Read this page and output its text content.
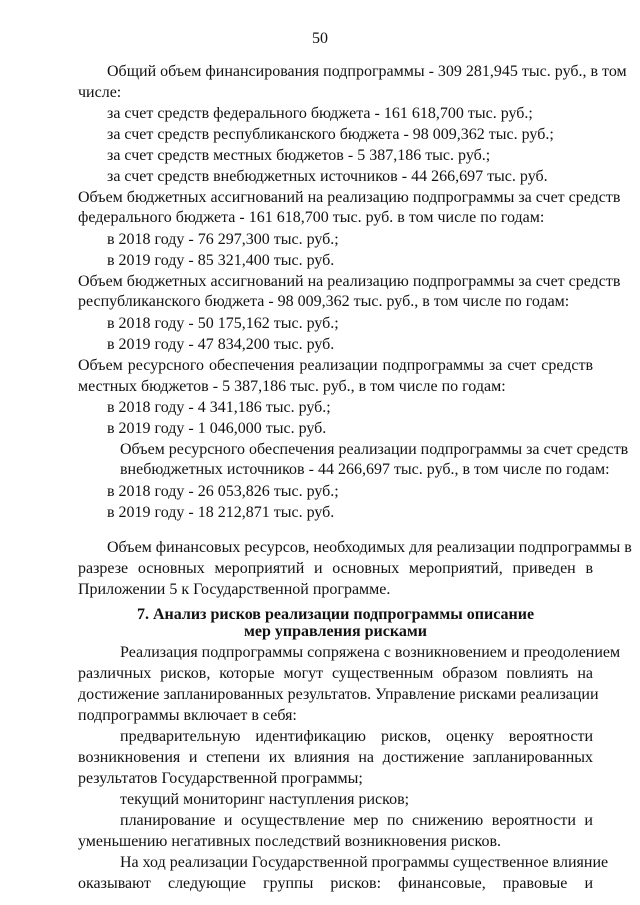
50
Общий объем финансирования подпрограммы - 309 281,945 тыс. руб., в том
числе:
за счет средств федерального бюджета - 161 618,700 тыс. руб.;
за счет средств республиканского бюджета - 98 009,362 тыс. руб.;
за счет средств местных бюджетов - 5 387,186 тыс. руб.;
за счет средств внебюджетных источников - 44 266,697 тыс. руб.
Объем бюджетных ассигнований на реализацию подпрограммы за счет средств
федерального бюджета - 161 618,700 тыс. руб. в том числе по годам:
в 2018 году - 76 297,300 тыс. руб.;
в 2019 году - 85 321,400 тыс. руб.
Объем бюджетных ассигнований на реализацию подпрограммы за счет средств
республиканского бюджета - 98 009,362 тыс. руб., в том числе по годам:
в 2018 году - 50 175,162 тыс. руб.;
в 2019 году - 47 834,200 тыс. руб.
Объем ресурсного обеспечения реализации подпрограммы за счет средств
местных бюджетов - 5 387,186 тыс. руб., в том числе по годам:
в 2018 году - 4 341,186 тыс. руб.;
в 2019 году - 1 046,000 тыс. руб.
Объем ресурсного обеспечения реализации подпрограммы за счет средств
внебюджетных источников - 44 266,697 тыс. руб., в том числе по годам:
в 2018 году - 26 053,826 тыс. руб.;
в 2019 году - 18 212,871 тыс. руб.
Объем финансовых ресурсов, необходимых для реализации подпрограммы в
разрезе основных мероприятий и основных мероприятий, приведен в
Приложении 5 к Государственной программе.
7. Анализ рисков реализации подпрограммы описание
мер управления рисками
Реализация подпрограммы сопряжена с возникновением и преодолением
различных рисков, которые могут существенным образом повлиять на
достижение запланированных результатов. Управление рисками реализации
подпрограммы включает в себя:
предварительную идентификацию рисков, оценку вероятности
возникновения и степени их влияния на достижение запланированных
результатов Государственной программы;
текущий мониторинг наступления рисков;
планирование и осуществление мер по снижению вероятности и
уменьшению негативных последствий возникновения рисков.
На ход реализации Государственной программы существенное влияние
оказывают следующие группы рисков: финансовые, правовые и
